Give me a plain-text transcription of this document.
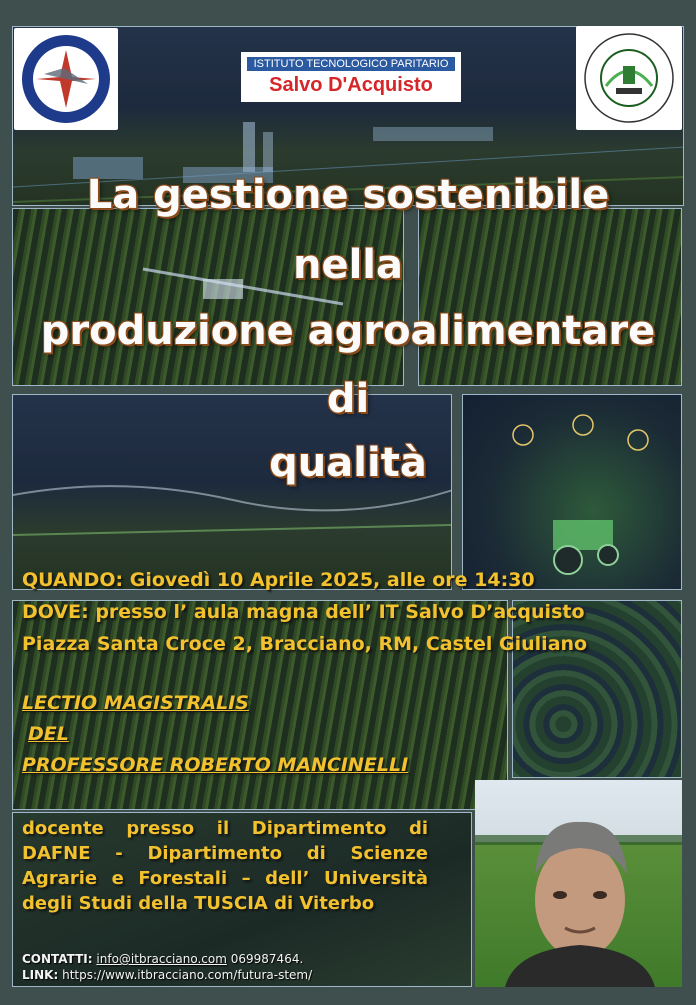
ISTITUTO TECNOLOGICO PARITARIO
Salvo D'Acquisto
La gestione sostenibile
nella
produzione agroalimentare
di
qualità
QUANDO: Giovedì 10 Aprile 2025, alle ore 14:30
DOVE: presso l’ aula magna dell’ IT Salvo D’acquisto
Piazza Santa Croce 2, Bracciano, RM, Castel Giuliano
LECTIO MAGISTRALIS
DEL
PROFESSORE ROBERTO MANCINELLI
docente presso il Dipartimento di DAFNE - Dipartimento di Scienze Agrarie e Forestali – dell’ Università degli Studi della TUSCIA di Viterbo
CONTATTI: info@itbracciano.com 069987464.
LINK: https://www.itbracciano.com/futura-stem/
